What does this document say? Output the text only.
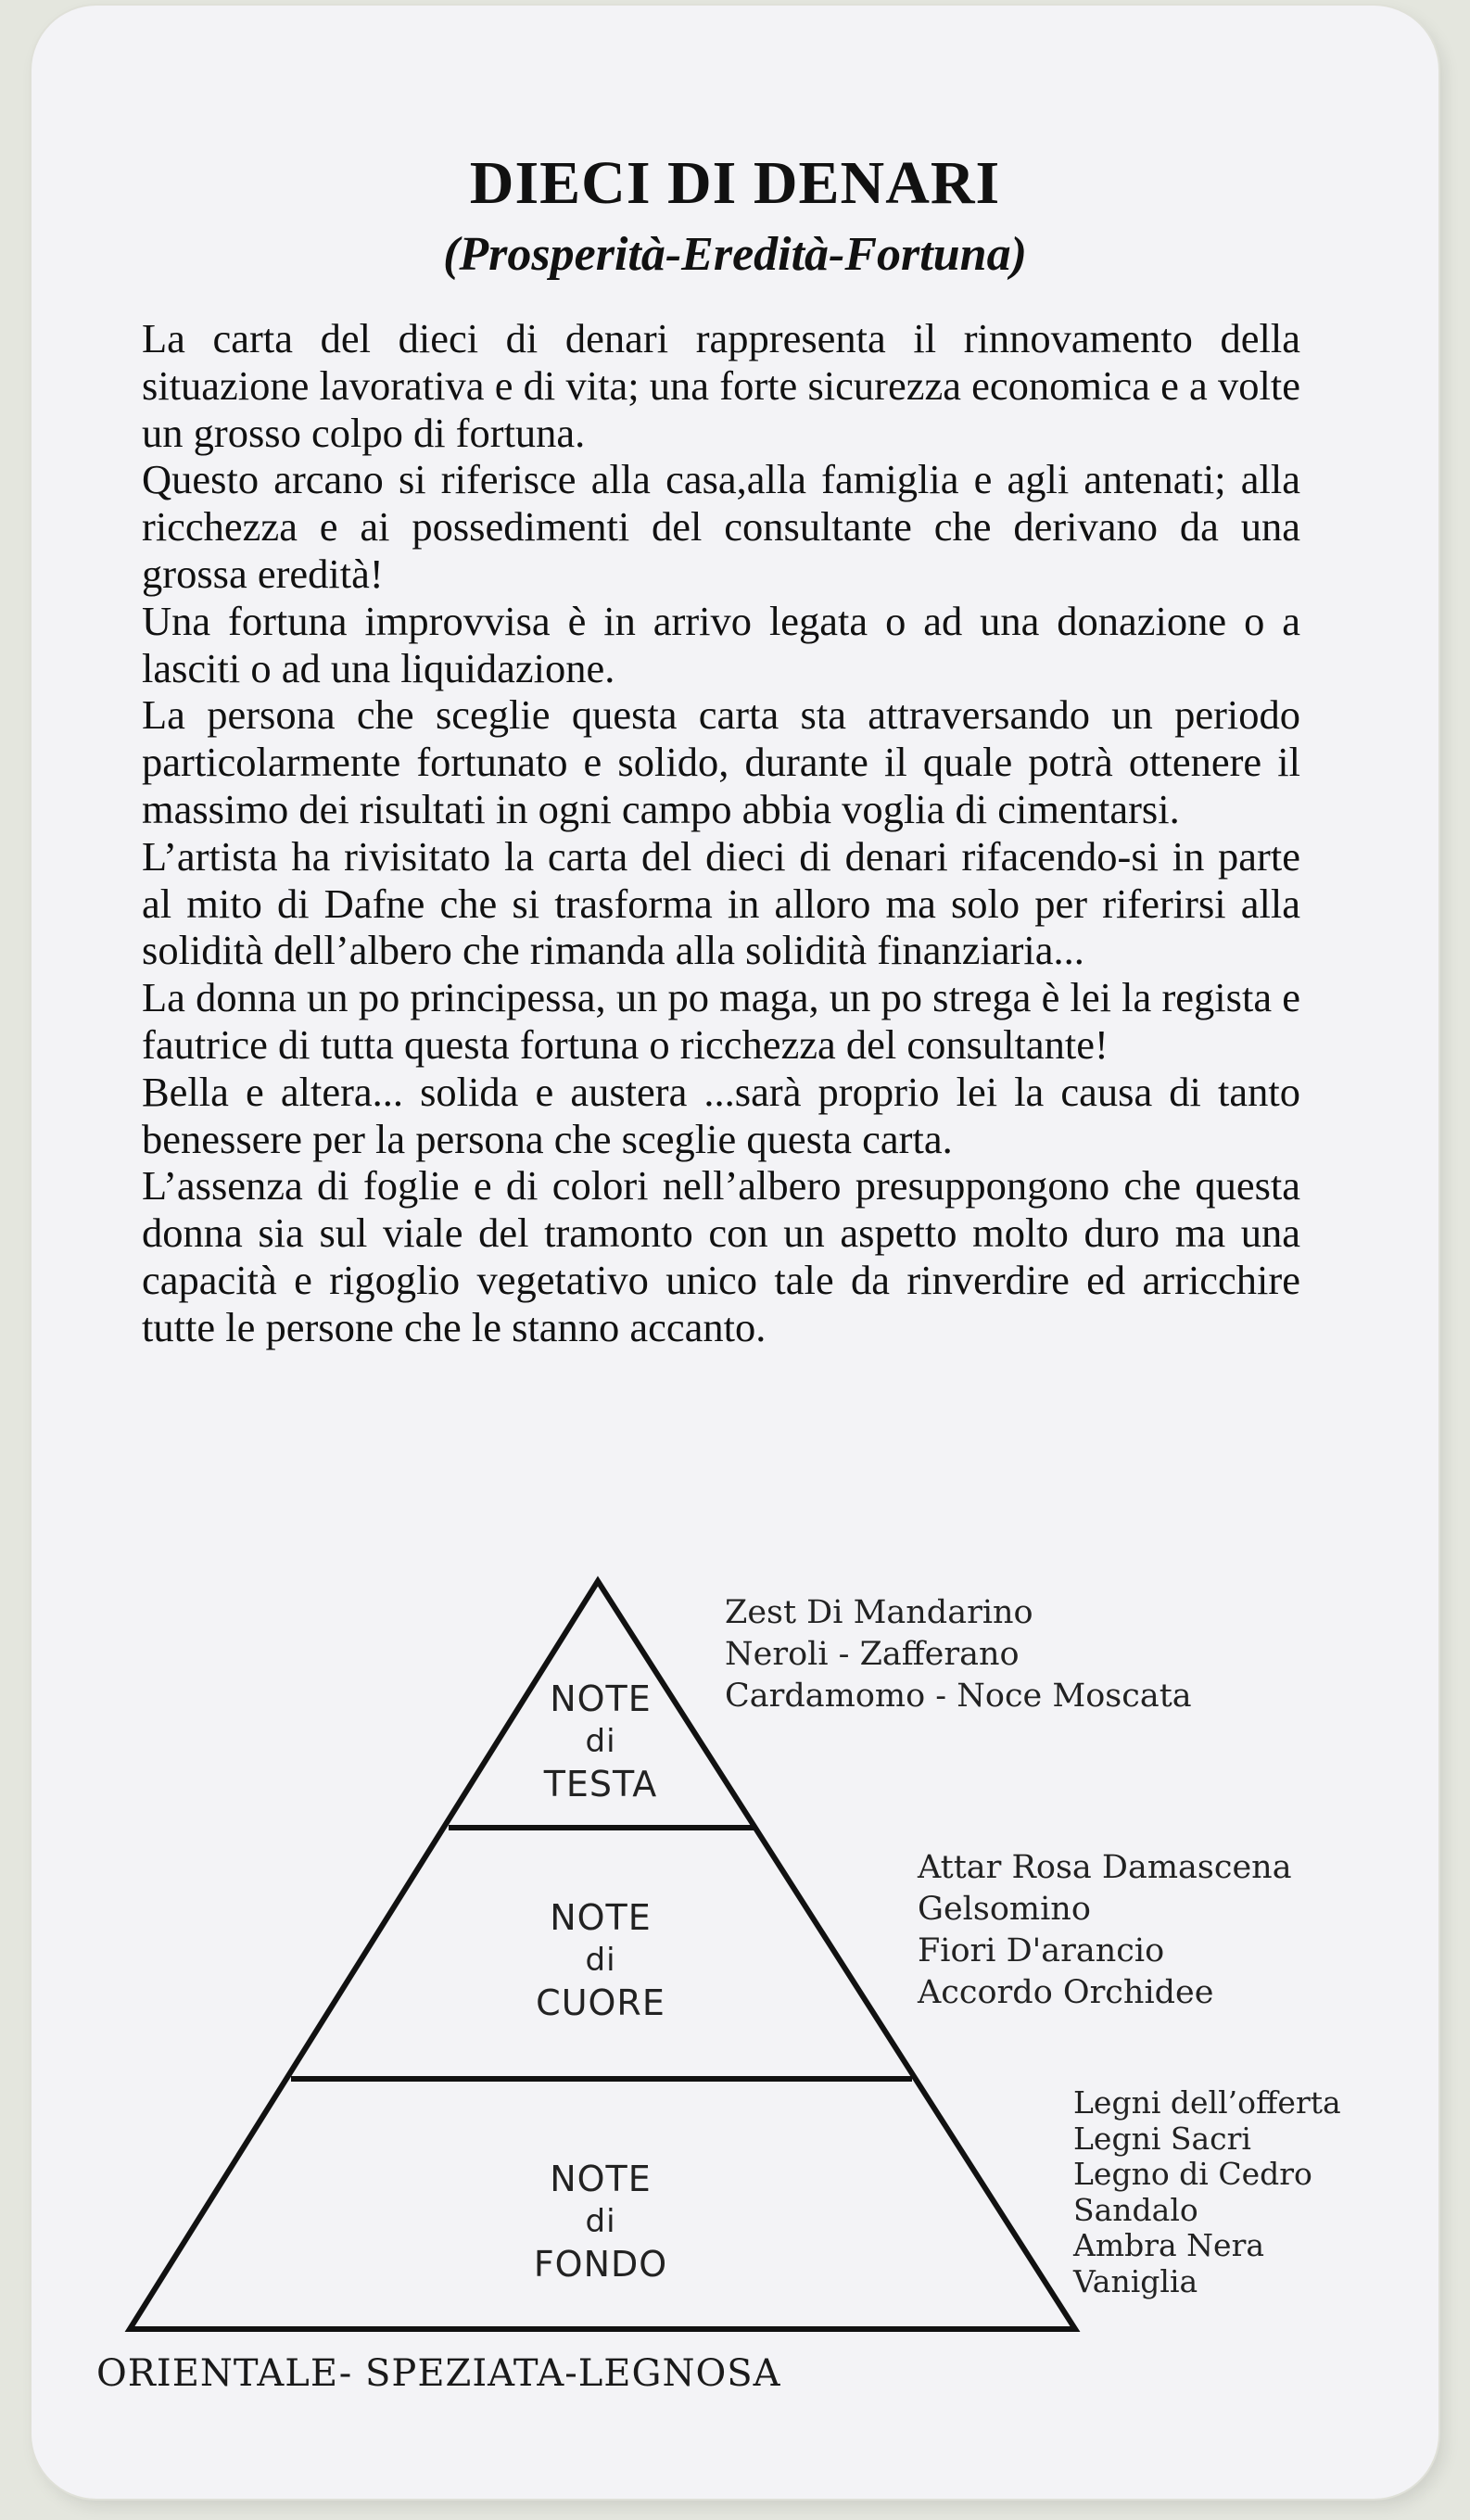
DIECI DI DENARI
(Prosperità-Eredità-Fortuna)

La carta del dieci di denari rappresenta il rinnovamento della situazione lavorativa e di vita; una forte sicurezza economica e a volte un grosso colpo di fortuna.

Questo arcano si riferisce alla casa,alla famiglia e agli antenati; alla ricchezza e ai possedimenti del consultante che derivano da una grossa eredità!

Una fortuna improvvisa è in arrivo legata o ad una donazione o a lasciti o ad una liquidazione.

La persona che sceglie questa carta sta attraversando un periodo particolarmente fortunato e solido, durante il quale potrà ottenere il massimo dei risultati in ogni campo abbia voglia di cimentarsi.

L’artista ha rivisitato la carta del dieci di denari rifacendo-si in parte al mito di Dafne che si trasforma in alloro ma solo per riferirsi alla solidità dell’albero che rimanda alla solidità finanziaria...

La donna un po principessa, un po maga, un po strega è lei la regista e fautrice di tutta questa fortuna o ricchezza del consultante!

Bella e altera... solida e austera ...sarà proprio lei la causa di tanto benessere per la persona che sceglie questa carta.

L’assenza di foglie e di colori nell’albero presuppongono che questa donna sia sul viale del tramonto con un aspetto molto duro ma una capacità e rigoglio vegetativo unico tale da rinverdire ed arricchire tutte le persone che le stanno accanto.

NOTE
di
TESTA
NOTE
di
CUORE
NOTE
di
FONDO
Zest Di Mandarino
Neroli - Zafferano
Cardamomo - Noce Moscata
Attar Rosa Damascena
Gelsomino
Fiori D'arancio
Accordo Orchidee
Legni dell’offerta
Legni Sacri
Legno di Cedro
Sandalo
Ambra Nera
Vaniglia
ORIENTALE- SPEZIATA-LEGNOSA
